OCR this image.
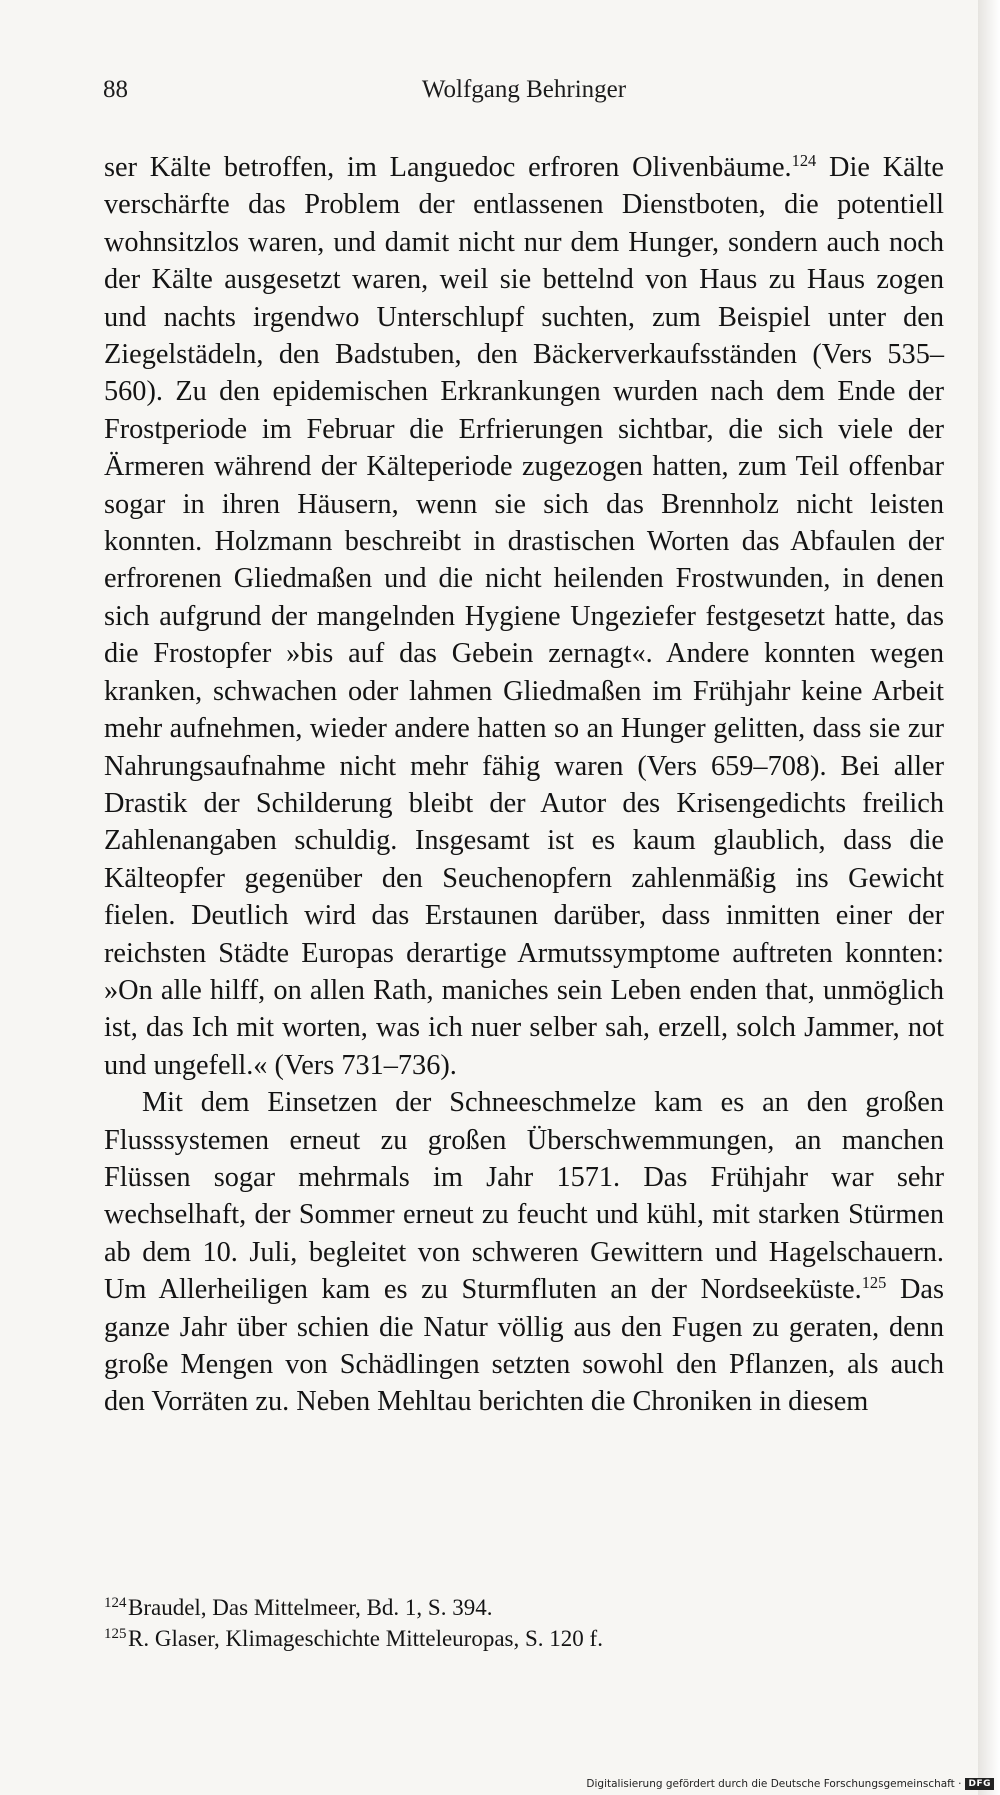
88	Wolfgang Behringer

ser Kälte betroffen, im Languedoc erfroren Olivenbäume.$^{124}$ Die Kälte verschärfte das Problem der entlassenen Dienstboten, die potentiell wohnsitzlos waren, und damit nicht nur dem Hunger, sondern auch noch der Kälte ausgesetzt waren, weil sie bettelnd von Haus zu Haus zogen und nachts irgendwo Unterschlupf suchten, zum Beispiel unter den Ziegelstädeln, den Badstuben, den Bäckerverkaufsständen (Vers 535–560). Zu den epidemischen Erkrankungen wurden nach dem Ende der Frostperiode im Februar die Erfrierungen sichtbar, die sich viele der Ärmeren während der Kälteperiode zugezogen hatten, zum Teil offenbar sogar in ihren Häusern, wenn sie sich das Brennholz nicht leisten konnten. Holzmann beschreibt in drastischen Worten das Abfaulen der erfrorenen Gliedmaßen und die nicht heilenden Frostwunden, in denen sich aufgrund der mangelnden Hygiene Ungeziefer festgesetzt hatte, das die Frostopfer »bis auf das Gebein zernagt«. Andere konnten wegen kranken, schwachen oder lahmen Gliedmaßen im Frühjahr keine Arbeit mehr aufnehmen, wieder andere hatten so an Hunger gelitten, dass sie zur Nahrungsaufnahme nicht mehr fähig waren (Vers 659–708). Bei aller Drastik der Schilderung bleibt der Autor des Krisengedichts freilich Zahlenangaben schuldig. Insgesamt ist es kaum glaublich, dass die Kälteopfer gegenüber den Seuchenopfern zahlenmäßig ins Gewicht fielen. Deutlich wird das Erstaunen darüber, dass inmitten einer der reichsten Städte Europas derartige Armutssymptome auftreten konnten: »On alle hilff, on allen Rath, maniches sein Leben enden that, unmöglich ist, das Ich mit worten, was ich nuer selber sah, erzell, solch Jammer, not und ungefell.« (Vers 731–736).

Mit dem Einsetzen der Schneeschmelze kam es an den großen Flusssystemen erneut zu großen Überschwemmungen, an manchen Flüssen sogar mehrmals im Jahr 1571. Das Frühjahr war sehr wechselhaft, der Sommer erneut zu feucht und kühl, mit starken Stürmen ab dem 10. Juli, begleitet von schweren Gewittern und Hagelschauern. Um Allerheiligen kam es zu Sturmfluten an der Nordseeküste.$^{125}$ Das ganze Jahr über schien die Natur völlig aus den Fugen zu geraten, denn große Mengen von Schädlingen setzten sowohl den Pflanzen, als auch den Vorräten zu. Neben Mehltau berichten die Chroniken in diesem

124 Braudel, Das Mittelmeer, Bd. 1, S. 394.
125 R. Glaser, Klimageschichte Mitteleuropas, S. 120 f.
Digitalisierung gefördert durch die Deutsche Forschungsgemeinschaft · DFG
